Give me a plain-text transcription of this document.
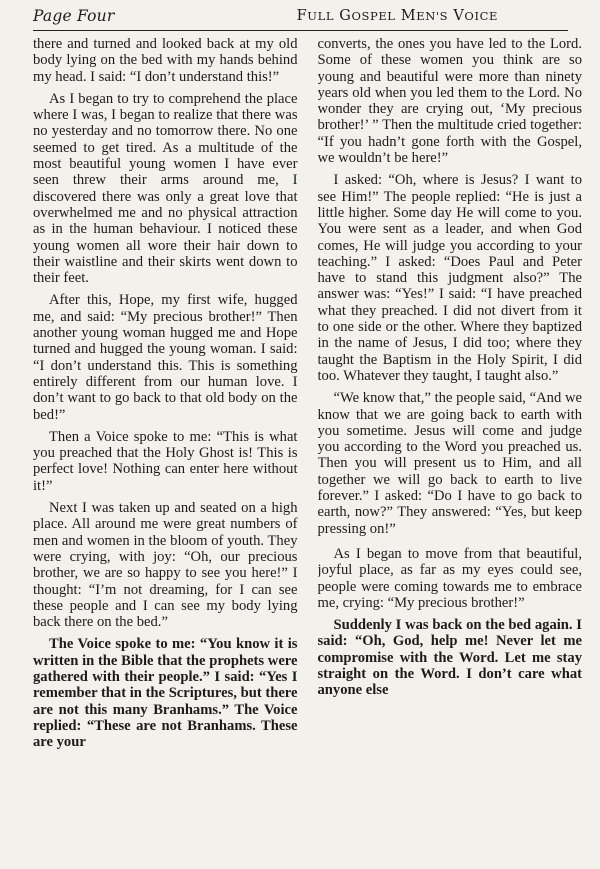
Page Four	FULL GOSPEL MEN'S VOICE

there and turned and looked back at my old body lying on the bed with my hands behind my head. I said: “I don’t understand this!”

As I began to try to comprehend the place where I was, I began to realize that there was no yesterday and no tomorrow there. No one seemed to get tired. As a multitude of the most beautiful young women I have ever seen threw their arms around me, I discovered there was only a great love that overwhelmed me and no physical attraction as in the human behaviour. I noticed these young women all wore their hair down to their waistline and their skirts went down to their feet.

After this, Hope, my first wife, hugged me, and said: “My precious brother!” Then another young woman hugged me and Hope turned and hugged the young woman. I said: “I don’t understand this. This is something entirely different from our human love. I don’t want to go back to that old body on the bed!”

Then a Voice spoke to me: “This is what you preached that the Holy Ghost is! This is perfect love! Nothing can enter here without it!”

Next I was taken up and seated on a high place. All around me were great numbers of men and women in the bloom of youth. They were crying, with joy: “Oh, our precious brother, we are so happy to see you here!” I thought: “I’m not dreaming, for I can see these people and I can see my body lying back there on the bed.”

The Voice spoke to me: “You know it is written in the Bible that the prophets were gathered with their people.” I said: “Yes I remember that in the Scriptures, but there are not this many Branhams.” The Voice replied: “These are not Branhams. These are your

converts, the ones you have led to the Lord. Some of these women you think are so young and beautiful were more than ninety years old when you led them to the Lord. No wonder they are crying out, ‘My precious brother!’ ” Then the multitude cried together: “If you hadn’t gone forth with the Gospel, we wouldn’t be here!”

I asked: “Oh, where is Jesus? I want to see Him!” The people replied: “He is just a little higher. Some day He will come to you. You were sent as a leader, and when God comes, He will judge you according to your teaching.” I asked: “Does Paul and Peter have to stand this judgment also?” The answer was: “Yes!” I said: “I have preached what they preached. I did not divert from it to one side or the other. Where they baptized in the name of Jesus, I did too; where they taught the Baptism in the Holy Spirit, I did too. Whatever they taught, I taught also.”

“We know that,” the people said, “And we know that we are going back to earth with you sometime. Jesus will come and judge you according to the Word you preached us. Then you will present us to Him, and all together we will go back to earth to live forever.” I asked: “Do I have to go back to earth, now?” They answered: “Yes, but keep pressing on!”

As I began to move from that beautiful, joyful place, as far as my eyes could see, people were coming towards me to embrace me, crying: “My precious brother!”

Suddenly I was back on the bed again. I said: “Oh, God, help me! Never let me compromise with the Word. Let me stay straight on the Word. I don’t care what anyone else
